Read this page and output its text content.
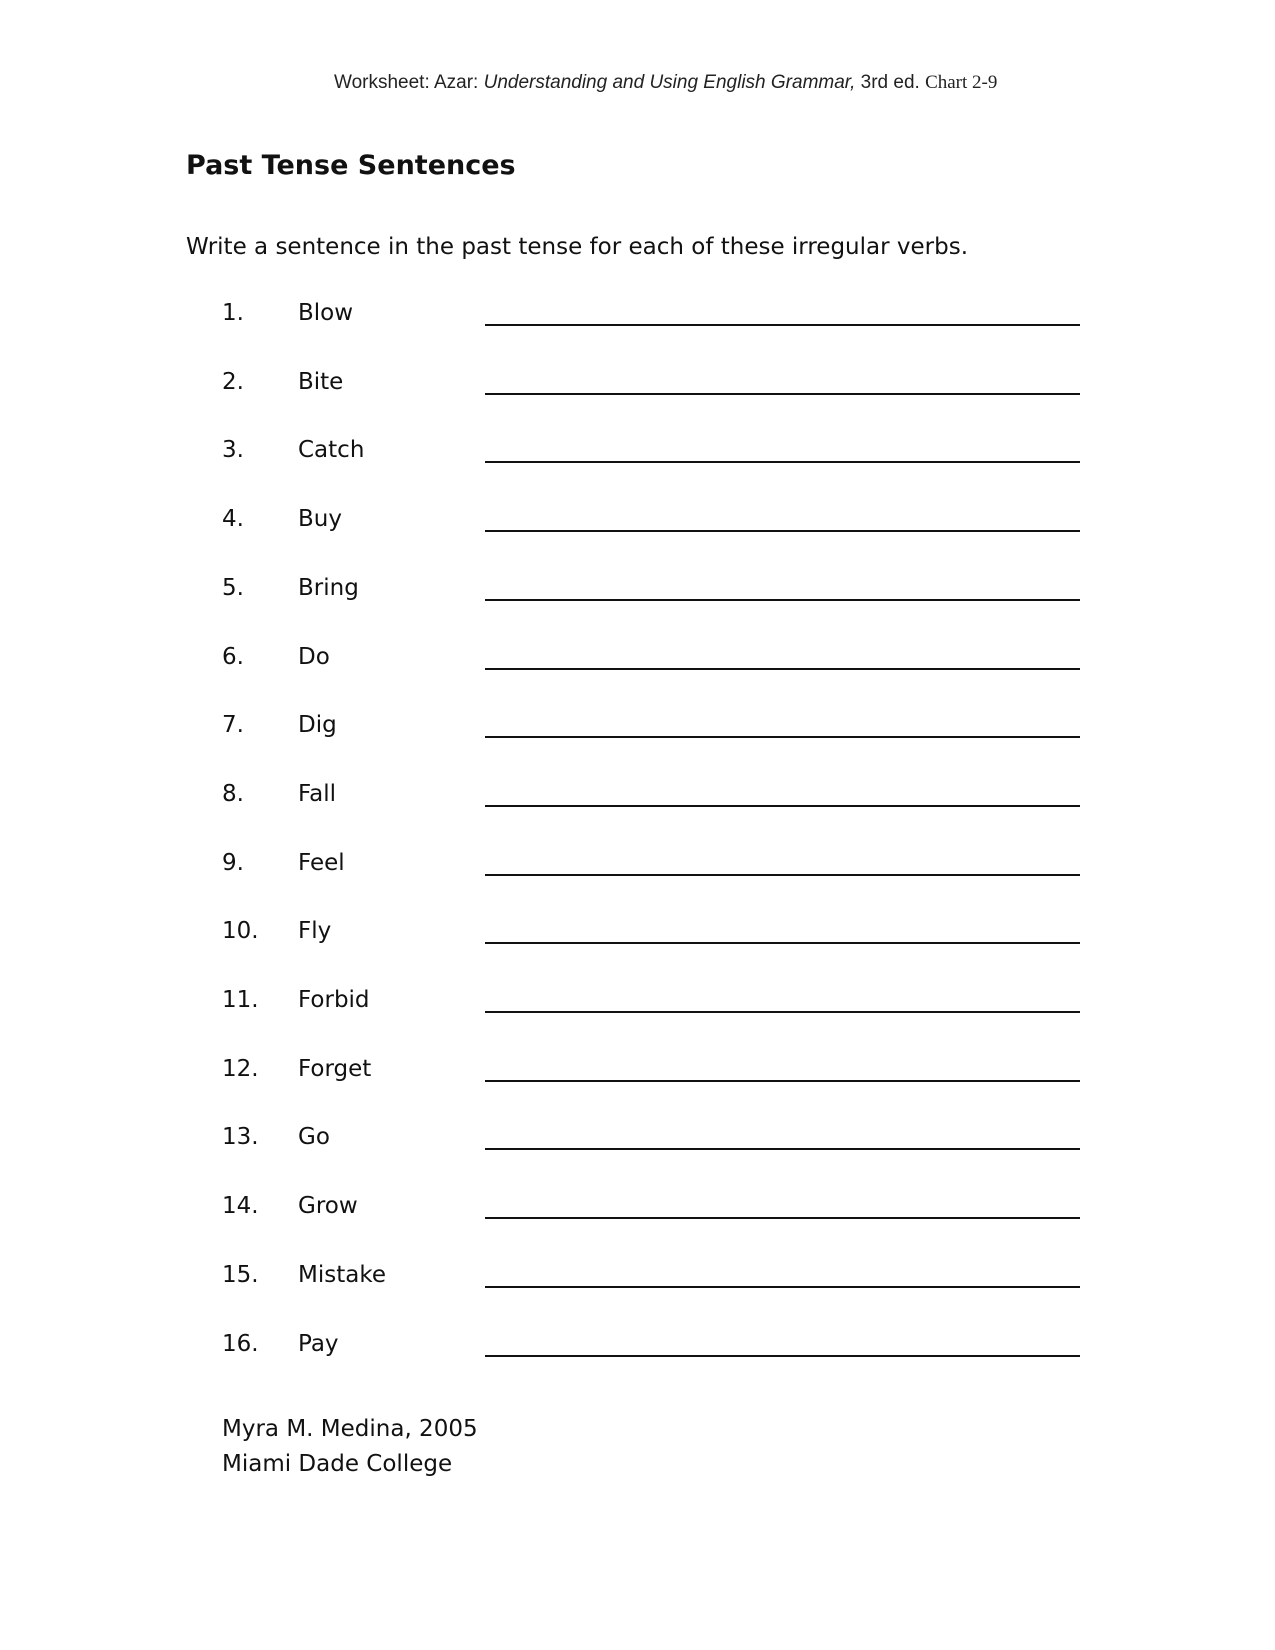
Worksheet: Azar: Understanding and Using English Grammar, 3rd ed. Chart 2-9
Past Tense Sentences
Write a sentence in the past tense for each of these irregular verbs.
1. Blow
2. Bite
3. Catch
4. Buy
5. Bring
6. Do
7. Dig
8. Fall
9. Feel
10. Fly
11. Forbid
12. Forget
13. Go
14. Grow
15. Mistake
16. Pay
Myra M. Medina, 2005
Miami Dade College
